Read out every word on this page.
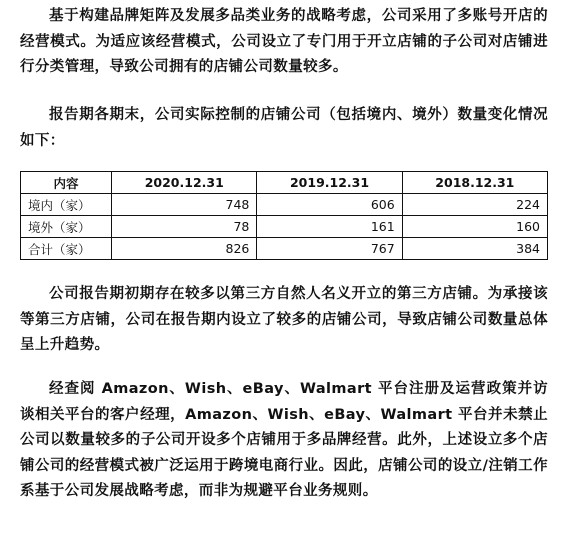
基于构建品牌矩阵及发展多品类业务的战略考虑，公司采用了多账号开店的经营模式。为适应该经营模式，公司设立了专门用于开立店铺的子公司对店铺进行分类管理，导致公司拥有的店铺公司数量较多。

报告期各期末，公司实际控制的店铺公司（包括境内、境外）数量变化情况如下：

内容	2020.12.31	2019.12.31	2018.12.31
境内（家）	748	606	224
境外（家）	78	161	160
合计（家）	826	767	384

公司报告期初期存在较多以第三方自然人名义开立的第三方店铺。为承接该等第三方店铺，公司在报告期内设立了较多的店铺公司，导致店铺公司数量总体呈上升趋势。

经查阅 Amazon、Wish、eBay、Walmart 平台注册及运营政策并访谈相关平台的客户经理，Amazon、Wish、eBay、Walmart 平台并未禁止公司以数量较多的子公司开设多个店铺用于多品牌经营。此外，上述设立多个店铺公司的经营模式被广泛运用于跨境电商行业。因此，店铺公司的设立/注销工作系基于公司发展战略考虑，而非为规避平台业务规则。
